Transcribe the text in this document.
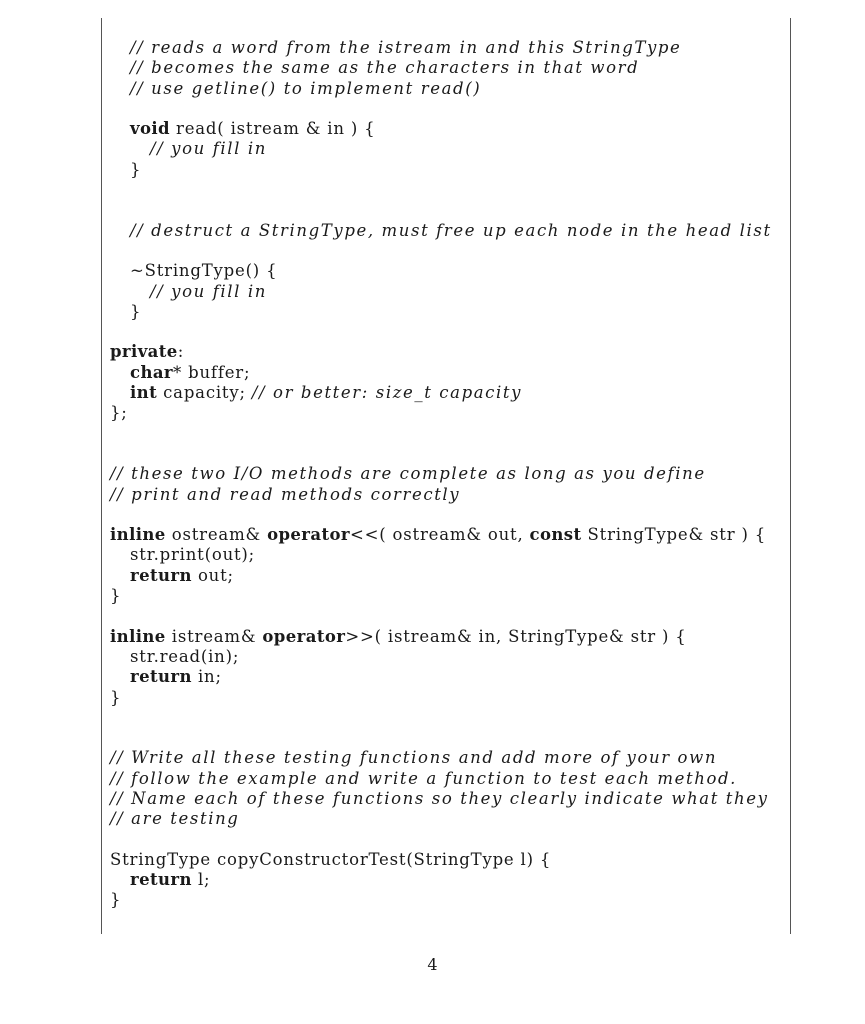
// reads a word from the istream in and this StringType
// becomes the same as the characters in that word
// use getline() to implement read()
void read( istream & in ) {
// you fill in
}
// destruct a StringType, must free up each node in the head list
~StringType() {
// you fill in
}
private:
char* buffer;
int capacity; // or better: size_t capacity
};
// these two I/O methods are complete as long as you define
// print and read methods correctly
inline ostream& operator<<( ostream& out, const StringType& str ) {
str.print(out);
return out;
}
inline istream& operator>>( istream& in, StringType& str ) {
str.read(in);
return in;
}
// Write all these testing functions and add more of your own
// follow the example and write a function to test each method.
// Name each of these functions so they clearly indicate what they
// are testing
StringType copyConstructorTest(StringType l) {
return l;
}
4
